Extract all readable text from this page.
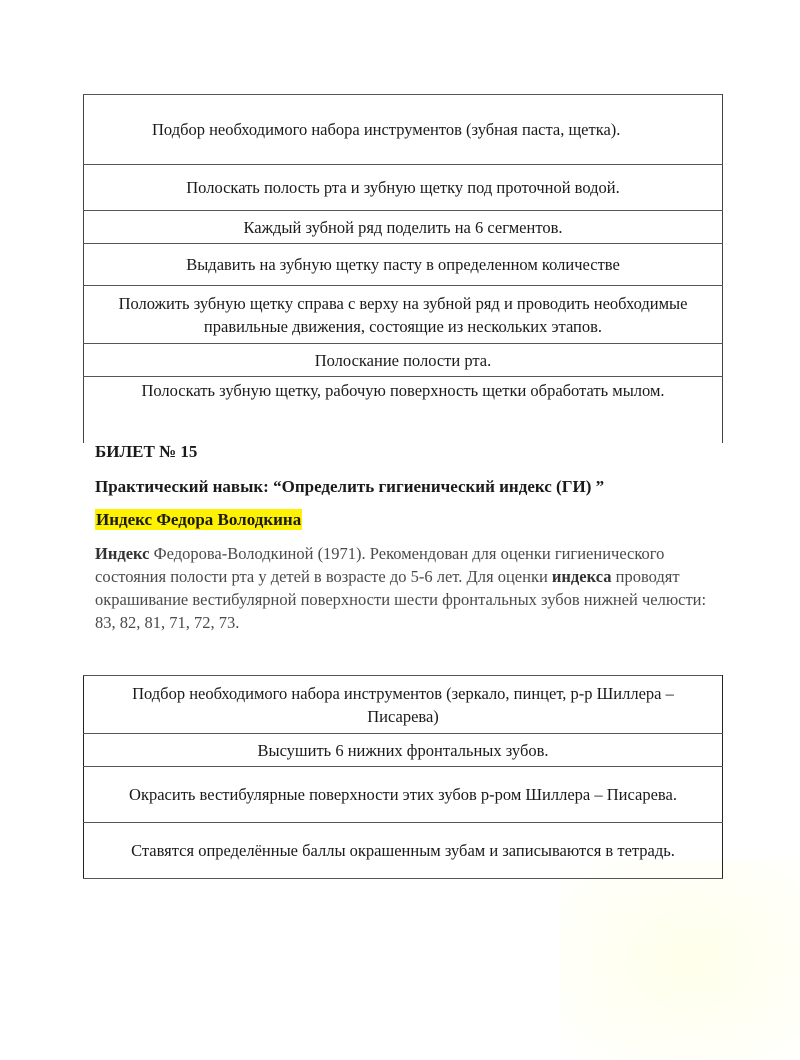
Подбор необходимого набора инструментов (зубная паста, щетка).
Полоскать полость рта и зубную щетку под проточной водой.
Каждый зубной ряд поделить на 6 сегментов.
Выдавить на зубную щетку пасту в определенном количестве
Положить зубную щетку справа с верху на зубной ряд и проводить необходимые правильные движения, состоящие из нескольких этапов.
Полоскание полости рта.
Полоскать зубную щетку, рабочую поверхность щетки обработать мылом.
БИЛЕТ № 15
Практический навык: “Определить гигиенический индекс (ГИ) ”
Индекс Федора Володкина
Индекс Федорова-Володкиной (1971). Рекомендован для оценки гигиенического состояния полости рта у детей в возрасте до 5-6 лет. Для оценки индекса проводят окрашивание вестибулярной поверхности шести фронтальных зубов нижней челюсти: 83, 82, 81, 71, 72, 73.
Подбор необходимого набора инструментов (зеркало, пинцет, р-р Шиллера – Писарева)
Высушить 6 нижних фронтальных зубов.
Окрасить вестибулярные поверхности этих зубов р-ром Шиллера – Писарева.
Ставятся определённые баллы окрашенным зубам и записываются в тетрадь.
